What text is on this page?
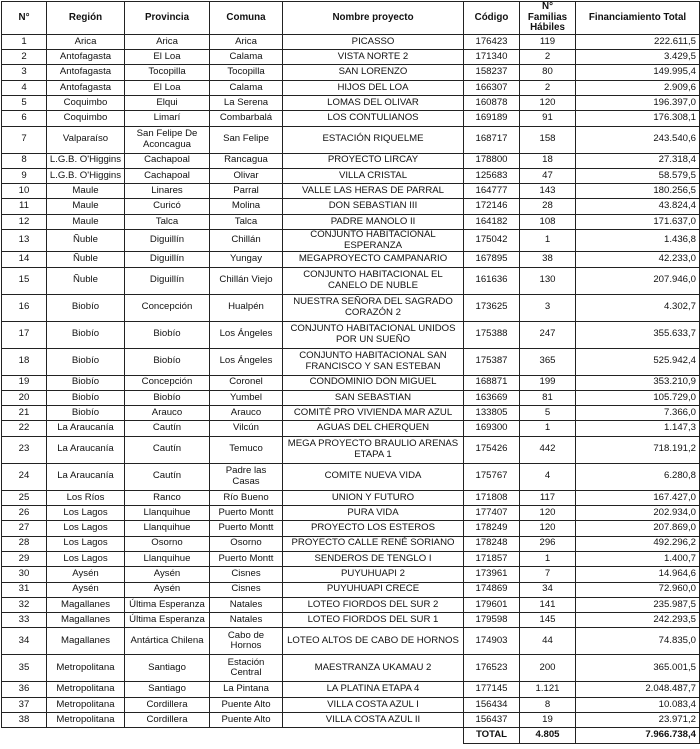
N°	Región	Provincia	Comuna	Nombre proyecto	Código	N° Familias Hábiles	Financiamiento Total
1	Arica	Arica	Arica	PICASSO	176423	119	222.611,5
2	Antofagasta	El Loa	Calama	VISTA NORTE 2	171340	2	3.429,5
3	Antofagasta	Tocopilla	Tocopilla	SAN LORENZO	158237	80	149.995,4
4	Antofagasta	El Loa	Calama	HIJOS DEL LOA	166307	2	2.909,6
5	Coquimbo	Elqui	La Serena	LOMAS DEL OLIVAR	160878	120	196.397,0
6	Coquimbo	Limarí	Combarbalá	LOS CONTULIANOS	169189	91	176.308,1
7	Valparaíso	San Felipe De Aconcagua	San Felipe	ESTACIÓN RIQUELME	168717	158	243.540,6
8	L.G.B. O'Higgins	Cachapoal	Rancagua	PROYECTO LIRCAY	178800	18	27.318,4
9	L.G.B. O'Higgins	Cachapoal	Olivar	VILLA CRISTAL	125683	47	58.579,5
10	Maule	Linares	Parral	VALLE LAS HERAS DE PARRAL	164777	143	180.256,5
11	Maule	Curicó	Molina	DON SEBASTIAN III	172146	28	43.824,4
12	Maule	Talca	Talca	PADRE MANOLO II	164182	108	171.637,0
13	Ñuble	Diguillín	Chillán	CONJUNTO HABITACIONAL ESPERANZA	175042	1	1.436,8
14	Ñuble	Diguillín	Yungay	MEGAPROYECTO CAMPANARIO	167895	38	42.233,0
15	Ñuble	Diguillín	Chillán Viejo	CONJUNTO HABITACIONAL EL CANELO DE NUBLE	161636	130	207.946,0
16	Biobío	Concepción	Hualpén	NUESTRA SEÑORA DEL SAGRADO CORAZÓN 2	173625	3	4.302,7
17	Biobío	Biobío	Los Ángeles	CONJUNTO HABITACIONAL UNIDOS POR UN SUEÑO	175388	247	355.633,7
18	Biobío	Biobío	Los Ángeles	CONJUNTO HABITACIONAL SAN FRANCISCO Y SAN ESTEBAN	175387	365	525.942,4
19	Biobío	Concepción	Coronel	CONDOMINIO DON MIGUEL	168871	199	353.210,9
20	Biobío	Biobío	Yumbel	SAN SEBASTIAN	163669	81	105.729,0
21	Biobío	Arauco	Arauco	COMITÉ PRO VIVIENDA MAR AZUL	133805	5	7.366,0
22	La Araucanía	Cautín	Vilcún	AGUAS DEL CHERQUEN	169300	1	1.147,3
23	La Araucanía	Cautín	Temuco	MEGA PROYECTO BRAULIO ARENAS ETAPA 1	175426	442	718.191,2
24	La Araucanía	Cautín	Padre las Casas	COMITE NUEVA VIDA	175767	4	6.280,8
25	Los Ríos	Ranco	Río Bueno	UNION Y FUTURO	171808	117	167.427,0
26	Los Lagos	Llanquihue	Puerto Montt	PURA VIDA	177407	120	202.934,0
27	Los Lagos	Llanquihue	Puerto Montt	PROYECTO LOS ESTEROS	178249	120	207.869,0
28	Los Lagos	Osorno	Osorno	PROYECTO CALLE RENÉ SORIANO	178248	296	492.296,2
29	Los Lagos	Llanquihue	Puerto Montt	SENDEROS DE TENGLO I	171857	1	1.400,7
30	Aysén	Aysén	Cisnes	PUYUHUAPI 2	173961	7	14.964,6
31	Aysén	Aysén	Cisnes	PUYUHUAPI CRECE	174869	34	72.960,0
32	Magallanes	Última Esperanza	Natales	LOTEO FIORDOS DEL SUR 2	179601	141	235.987,5
33	Magallanes	Última Esperanza	Natales	LOTEO FIORDOS DEL SUR 1	179598	145	242.293,5
34	Magallanes	Antártica Chilena	Cabo de Hornos	LOTEO ALTOS DE CABO DE HORNOS	174903	44	74.835,0
35	Metropolitana	Santiago	Estación Central	MAESTRANZA UKAMAU 2	176523	200	365.001,5
36	Metropolitana	Santiago	La Pintana	LA PLATINA ETAPA 4	177145	1.121	2.048.487,7
37	Metropolitana	Cordillera	Puente Alto	VILLA COSTA AZUL I	156434	8	10.083,4
38	Metropolitana	Cordillera	Puente Alto	VILLA COSTA AZUL II	156437	19	23.971,2
					TOTAL	4.805	7.966.738,4
